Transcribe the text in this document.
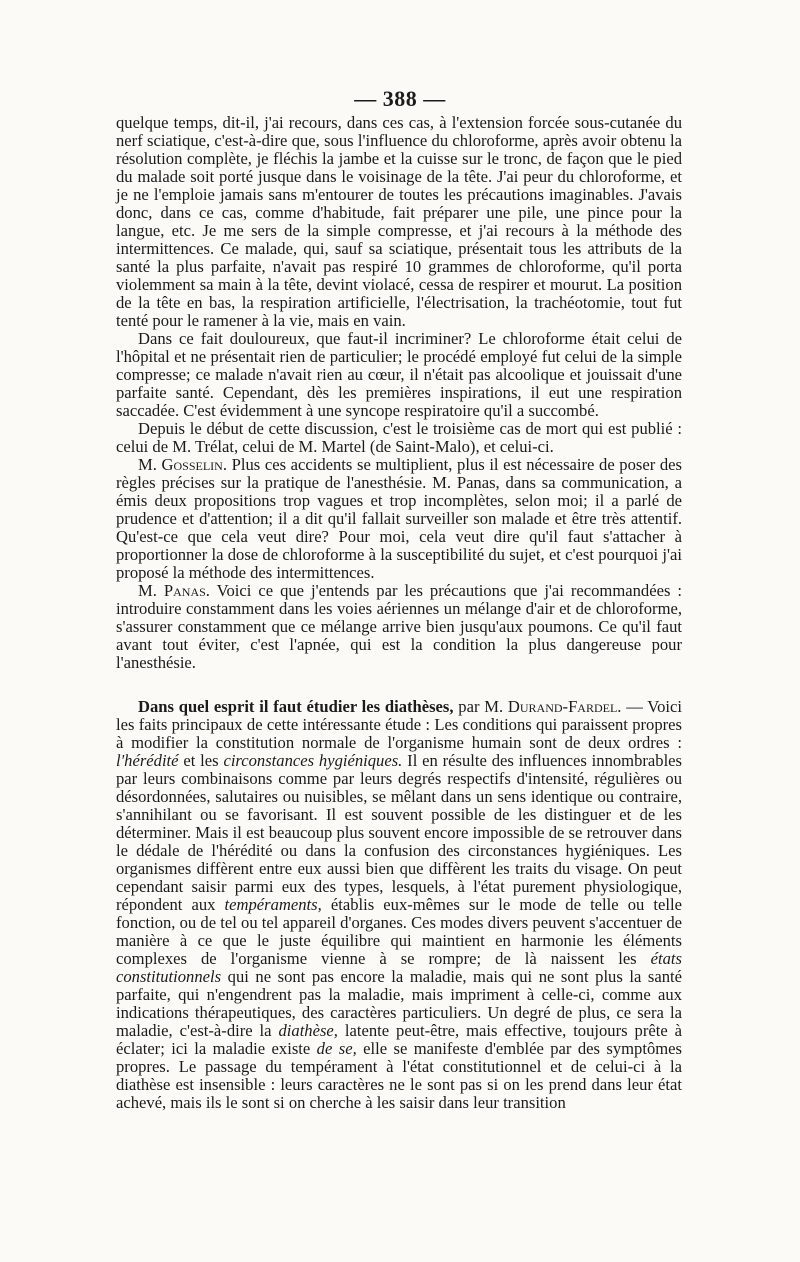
— 388 —

quelque temps, dit-il, j'ai recours, dans ces cas, à l'extension forcée sous-cutanée du nerf sciatique, c'est-à-dire que, sous l'influence du chloroforme, après avoir obtenu la résolution complète, je fléchis la jambe et la cuisse sur le tronc, de façon que le pied du malade soit porté jusque dans le voisinage de la tête. J'ai peur du chloroforme, et je ne l'emploie jamais sans m'entourer de toutes les précautions imaginables. J'avais donc, dans ce cas, comme d'habitude, fait préparer une pile, une pince pour la langue, etc. Je me sers de la simple compresse, et j'ai recours à la méthode des intermittences. Ce malade, qui, sauf sa sciatique, présentait tous les attributs de la santé la plus parfaite, n'avait pas respiré 10 grammes de chloroforme, qu'il porta violemment sa main à la tête, devint violacé, cessa de respirer et mourut. La position de la tête en bas, la respiration artificielle, l'électrisation, la trachéotomie, tout fut tenté pour le ramener à la vie, mais en vain.

Dans ce fait douloureux, que faut-il incriminer? Le chloroforme était celui de l'hôpital et ne présentait rien de particulier; le procédé employé fut celui de la simple compresse; ce malade n'avait rien au cœur, il n'était pas alcoolique et jouissait d'une parfaite santé. Cependant, dès les premières inspirations, il eut une respiration saccadée. C'est évidemment à une syncope respiratoire qu'il a succombé.

Depuis le début de cette discussion, c'est le troisième cas de mort qui est publié : celui de M. Trélat, celui de M. Martel (de Saint-Malo), et celui-ci.

M. Gosselin. Plus ces accidents se multiplient, plus il est nécessaire de poser des règles précises sur la pratique de l'anesthésie. M. Panas, dans sa communication, a émis deux propositions trop vagues et trop incomplètes, selon moi; il a parlé de prudence et d'attention; il a dit qu'il fallait surveiller son malade et être très attentif. Qu'est-ce que cela veut dire? Pour moi, cela veut dire qu'il faut s'attacher à proportionner la dose de chloroforme à la susceptibilité du sujet, et c'est pourquoi j'ai proposé la méthode des intermittences.

M. Panas. Voici ce que j'entends par les précautions que j'ai recommandées : introduire constamment dans les voies aériennes un mélange d'air et de chloroforme, s'assurer constamment que ce mélange arrive bien jusqu'aux poumons. Ce qu'il faut avant tout éviter, c'est l'apnée, qui est la condition la plus dangereuse pour l'anesthésie.

Dans quel esprit il faut étudier les diathèses, par M. Durand-Fardel. — Voici les faits principaux de cette intéressante étude : Les conditions qui paraissent propres à modifier la constitution normale de l'organisme humain sont de deux ordres : l'hérédité et les circonstances hygiéniques. Il en résulte des influences innombrables par leurs combinaisons comme par leurs degrés respectifs d'intensité, régulières ou désordonnées, salutaires ou nuisibles, se mêlant dans un sens identique ou contraire, s'annihilant ou se favorisant. Il est souvent possible de les distinguer et de les déterminer. Mais il est beaucoup plus souvent encore impossible de se retrouver dans le dédale de l'hérédité ou dans la confusion des circonstances hygiéniques. Les organismes diffèrent entre eux aussi bien que diffèrent les traits du visage. On peut cependant saisir parmi eux des types, lesquels, à l'état purement physiologique, répondent aux tempéraments, établis eux-mêmes sur le mode de telle ou telle fonction, ou de tel ou tel appareil d'organes. Ces modes divers peuvent s'accentuer de manière à ce que le juste équilibre qui maintient en harmonie les éléments complexes de l'organisme vienne à se rompre; de là naissent les états constitutionnels qui ne sont pas encore la maladie, mais qui ne sont plus la santé parfaite, qui n'engendrent pas la maladie, mais impriment à celle-ci, comme aux indications thérapeutiques, des caractères particuliers. Un degré de plus, ce sera la maladie, c'est-à-dire la diathèse, latente peut-être, mais effective, toujours prête à éclater; ici la maladie existe de se, elle se manifeste d'emblée par des symptômes propres. Le passage du tempérament à l'état constitutionnel et de celui-ci à la diathèse est insensible : leurs caractères ne le sont pas si on les prend dans leur état achevé, mais ils le sont si on cherche à les saisir dans leur transition
